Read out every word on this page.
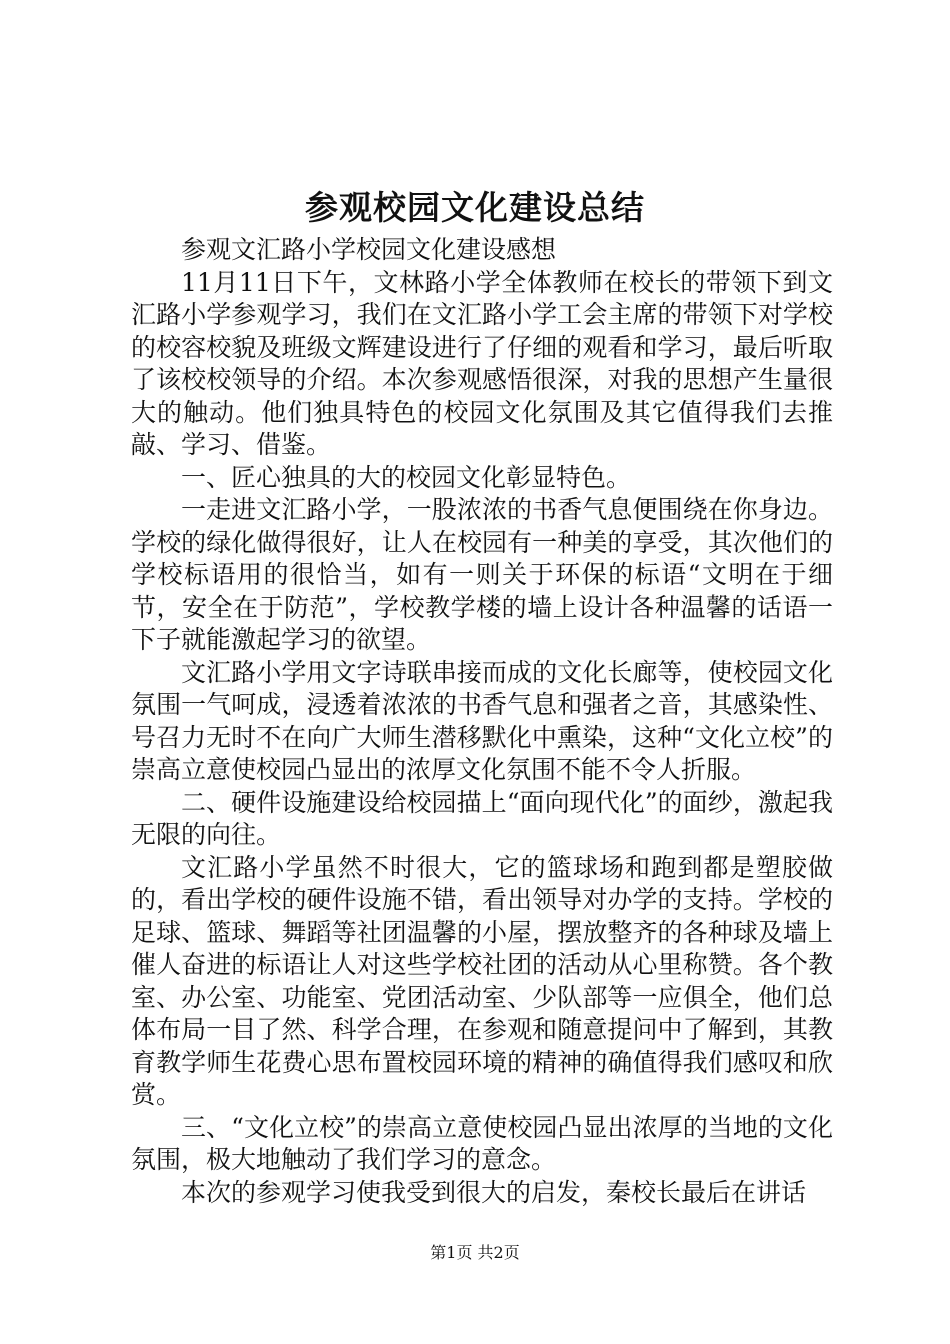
参观校园文化建设总结

参观文汇路小学校园文化建设感想

11月11日下午，文林路小学全体教师在校长的带领下到文汇路小学参观学习，我们在文汇路小学工会主席的带领下对学校的校容校貌及班级文辉建设进行了仔细的观看和学习，最后听取了该校校领导的介绍。本次参观感悟很深，对我的思想产生量很大的触动。他们独具特色的校园文化氛围及其它值得我们去推敲、学习、借鉴。

一、匠心独具的大的校园文化彰显特色。

一走进文汇路小学，一股浓浓的书香气息便围绕在你身边。学校的绿化做得很好，让人在校园有一种美的享受，其次他们的学校标语用的很恰当，如有一则关于环保的标语“文明在于细节，安全在于防范”，学校教学楼的墙上设计各种温馨的话语一下子就能激起学习的欲望。

文汇路小学用文字诗联串接而成的文化长廊等，使校园文化氛围一气呵成，浸透着浓浓的书香气息和强者之音，其感染性、号召力无时不在向广大师生潜移默化中熏染，这种“文化立校”的崇高立意使校园凸显出的浓厚文化氛围不能不令人折服。

二、硬件设施建设给校园描上“面向现代化”的面纱，激起我无限的向往。

文汇路小学虽然不时很大，它的篮球场和跑到都是塑胶做的，看出学校的硬件设施不错，看出领导对办学的支持。学校的足球、篮球、舞蹈等社团温馨的小屋，摆放整齐的各种球及墙上催人奋进的标语让人对这些学校社团的活动从心里称赞。各个教室、办公室、功能室、党团活动室、少队部等一应俱全，他们总体布局一目了然、科学合理，在参观和随意提问中了解到，其教育教学师生花费心思布置校园环境的精神的确值得我们感叹和欣赏。

三、“文化立校”的崇高立意使校园凸显出浓厚的当地的文化氛围，极大地触动了我们学习的意念。

本次的参观学习使我受到很大的启发，秦校长最后在讲话

第1页 共2页
